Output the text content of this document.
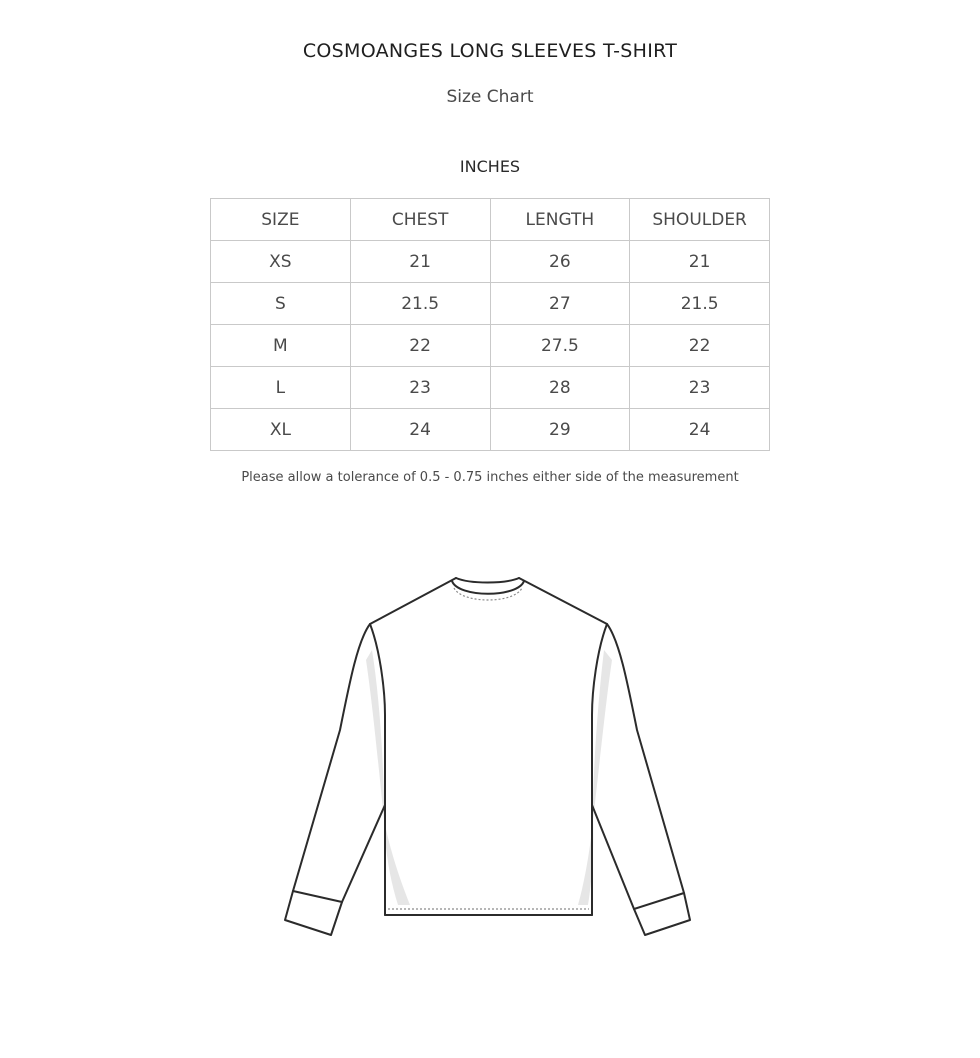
COSMOANGES LONG SLEEVES T-SHIRT
Size Chart
INCHES
SIZE	CHEST	LENGTH	SHOULDER
XS	21	26	21
S	21.5	27	21.5
M	22	27.5	22
L	23	28	23
XL	24	29	24
Please allow a tolerance of 0.5 - 0.75 inches either side of the measurement
